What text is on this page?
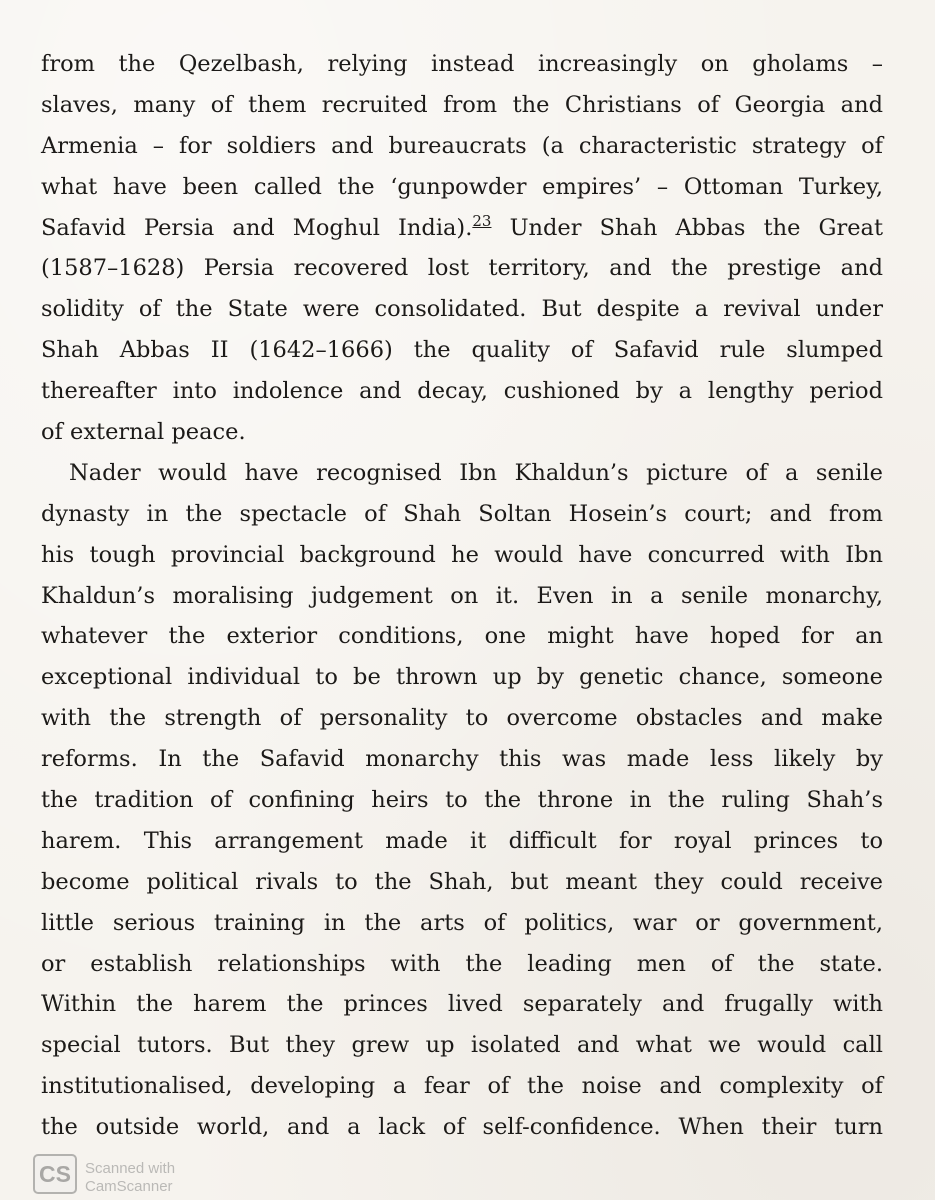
from the Qezelbash, relying instead increasingly on gholams –
slaves, many of them recruited from the Christians of Georgia and
Armenia – for soldiers and bureaucrats (a characteristic strategy of
what have been called the ‘gunpowder empires’ – Ottoman Turkey,
Safavid Persia and Moghul India).$^{23}$ Under Shah Abbas the Great
(1587–1628) Persia recovered lost territory, and the prestige and
solidity of the State were consolidated. But despite a revival under
Shah Abbas II (1642–1666) the quality of Safavid rule slumped
thereafter into indolence and decay, cushioned by a lengthy period
of external peace.
Nader would have recognised Ibn Khaldun’s picture of a senile
dynasty in the spectacle of Shah Soltan Hosein’s court; and from
his tough provincial background he would have concurred with Ibn
Khaldun’s moralising judgement on it. Even in a senile monarchy,
whatever the exterior conditions, one might have hoped for an
exceptional individual to be thrown up by genetic chance, someone
with the strength of personality to overcome obstacles and make
reforms. In the Safavid monarchy this was made less likely by
the tradition of confining heirs to the throne in the ruling Shah’s
harem. This arrangement made it difficult for royal princes to
become political rivals to the Shah, but meant they could receive
little serious training in the arts of politics, war or government,
or establish relationships with the leading men of the state.
Within the harem the princes lived separately and frugally with
special tutors. But they grew up isolated and what we would call
institutionalised, developing a fear of the noise and complexity of
the outside world, and a lack of self-confidence. When their turn
CS Scanned with
CamScanner
